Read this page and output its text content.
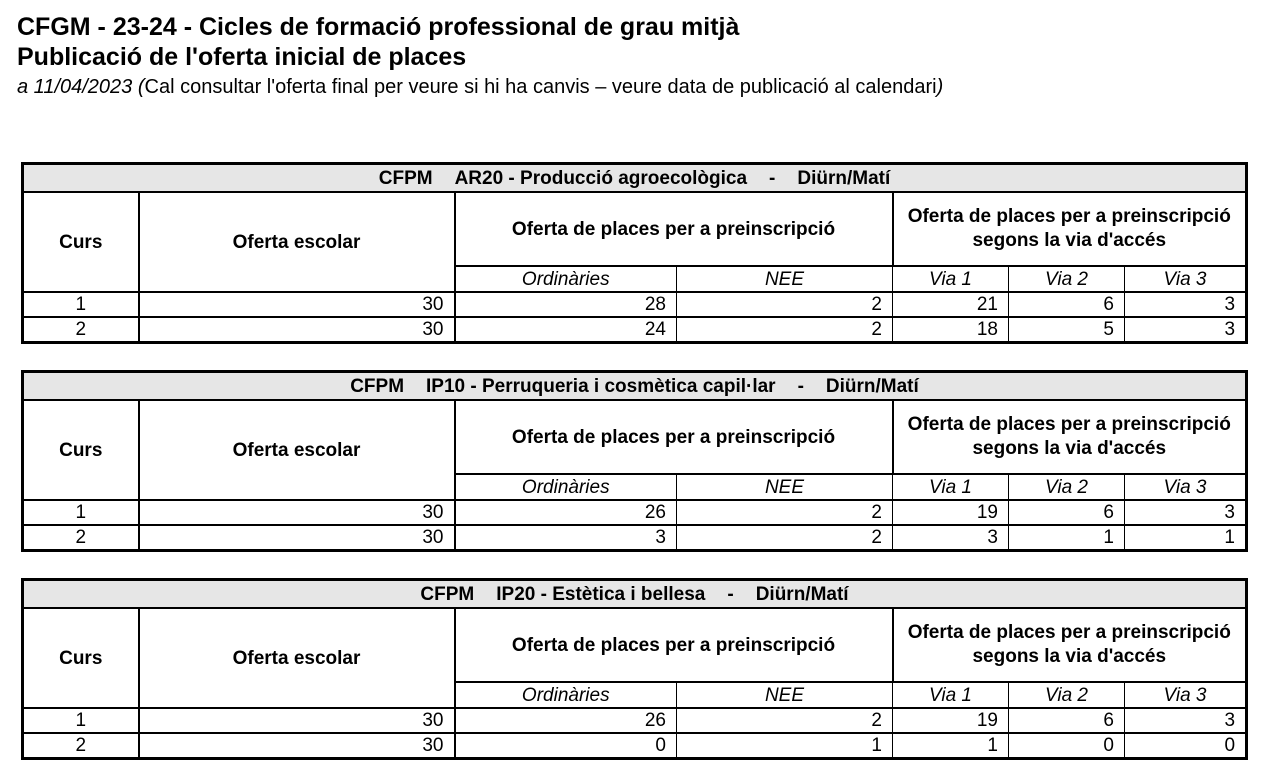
CFGM - 23-24 - Cicles de formació professional de grau mitjà
Publicació de l'oferta inicial de places
a 11/04/2023 (Cal consultar l'oferta final per veure si hi ha canvis – veure data de publicació al calendari)
CFPM AR20 - Producció agroecològica - Diürn/Matí						
Curs	Oferta escolar	Oferta de places per a preinscripció		Oferta de places per a preinscripció segons la via d'accés		
		Ordinàries	NEE	Via 1	Via 2	Via 3
1	30	28	2	21	6	3
2	30	24	2	18	5	3
CFPM IP10 - Perruqueria i cosmètica capil·lar - Diürn/Matí						
Curs	Oferta escolar	Oferta de places per a preinscripció		Oferta de places per a preinscripció segons la via d'accés		
		Ordinàries	NEE	Via 1	Via 2	Via 3
1	30	26	2	19	6	3
2	30	3	2	3	1	1
CFPM IP20 - Estètica i bellesa - Diürn/Matí						
Curs	Oferta escolar	Oferta de places per a preinscripció		Oferta de places per a preinscripció segons la via d'accés		
		Ordinàries	NEE	Via 1	Via 2	Via 3
1	30	26	2	19	6	3
2	30	0	1	1	0	0
